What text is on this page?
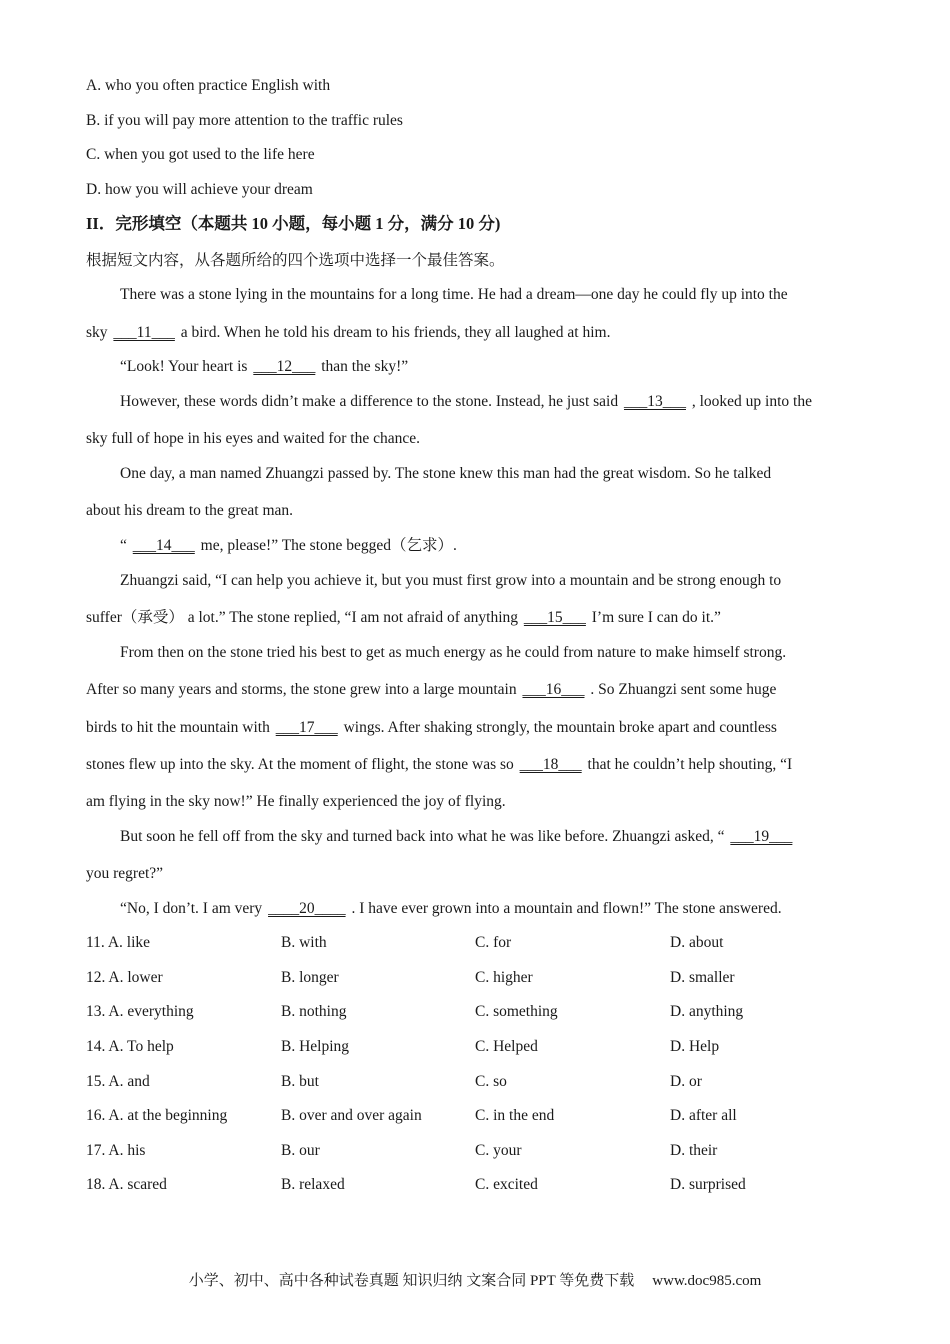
A. who you often practice English with
B. if you will pay more attention to the traffic rules
C. when you got used to the life here
D. how you will achieve your dream
II．完形填空（本题共 10 小题，每小题 1 分，满分 10 分)
根据短文内容，从各题所给的四个选项中选择一个最佳答案。
There was a stone lying in the mountains for a long time. He had a dream—one day he could fly up into the
sky ___11___ a bird. When he told his dream to his friends, they all laughed at him.
“Look! Your heart is ___12___ than the sky!”
However, these words didn’t make a difference to the stone. Instead, he just said ___13___ , looked up into the
sky full of hope in his eyes and waited for the chance.
One day, a man named Zhuangzi passed by. The stone knew this man had the great wisdom. So he talked
about his dream to the great man.
“ ___14___ me, please!” The stone begged（乞求）.
Zhuangzi said, “I can help you achieve it, but you must first grow into a mountain and be strong enough to
suffer（承受） a lot.” The stone replied, “I am not afraid of anything ___15___ I’m sure I can do it.”
From then on the stone tried his best to get as much energy as he could from nature to make himself strong.
After so many years and storms, the stone grew into a large mountain ___16___ . So Zhuangzi sent some huge
birds to hit the mountain with ___17___ wings. After shaking strongly, the mountain broke apart and countless
stones flew up into the sky. At the moment of flight, the stone was so ___18___ that he couldn’t help shouting, “I
am flying in the sky now!” He finally experienced the joy of flying.
But soon he fell off from the sky and turned back into what he was like before. Zhuangzi asked, “ ___19___
you regret?”
“No, I don’t. I am very ____20____ . I have ever grown into a mountain and flown!” The stone answered.
11. A. like	B. with	C. for	D. about
12. A. lower	B. longer	C. higher	D. smaller
13. A. everything	B. nothing	C. something	D. anything
14. A. To help	B. Helping	C. Helped	D. Help
15. A. and	B. but	C. so	D. or
16. A. at the beginning	B. over and over again	C. in the end	D. after all
17. A. his	B. our	C. your	D. their
18. A. scared	B. relaxed	C. excited	D. surprised
小学、初中、高中各种试卷真题 知识归纳 文案合同 PPT 等免费下载 www.doc985.com
